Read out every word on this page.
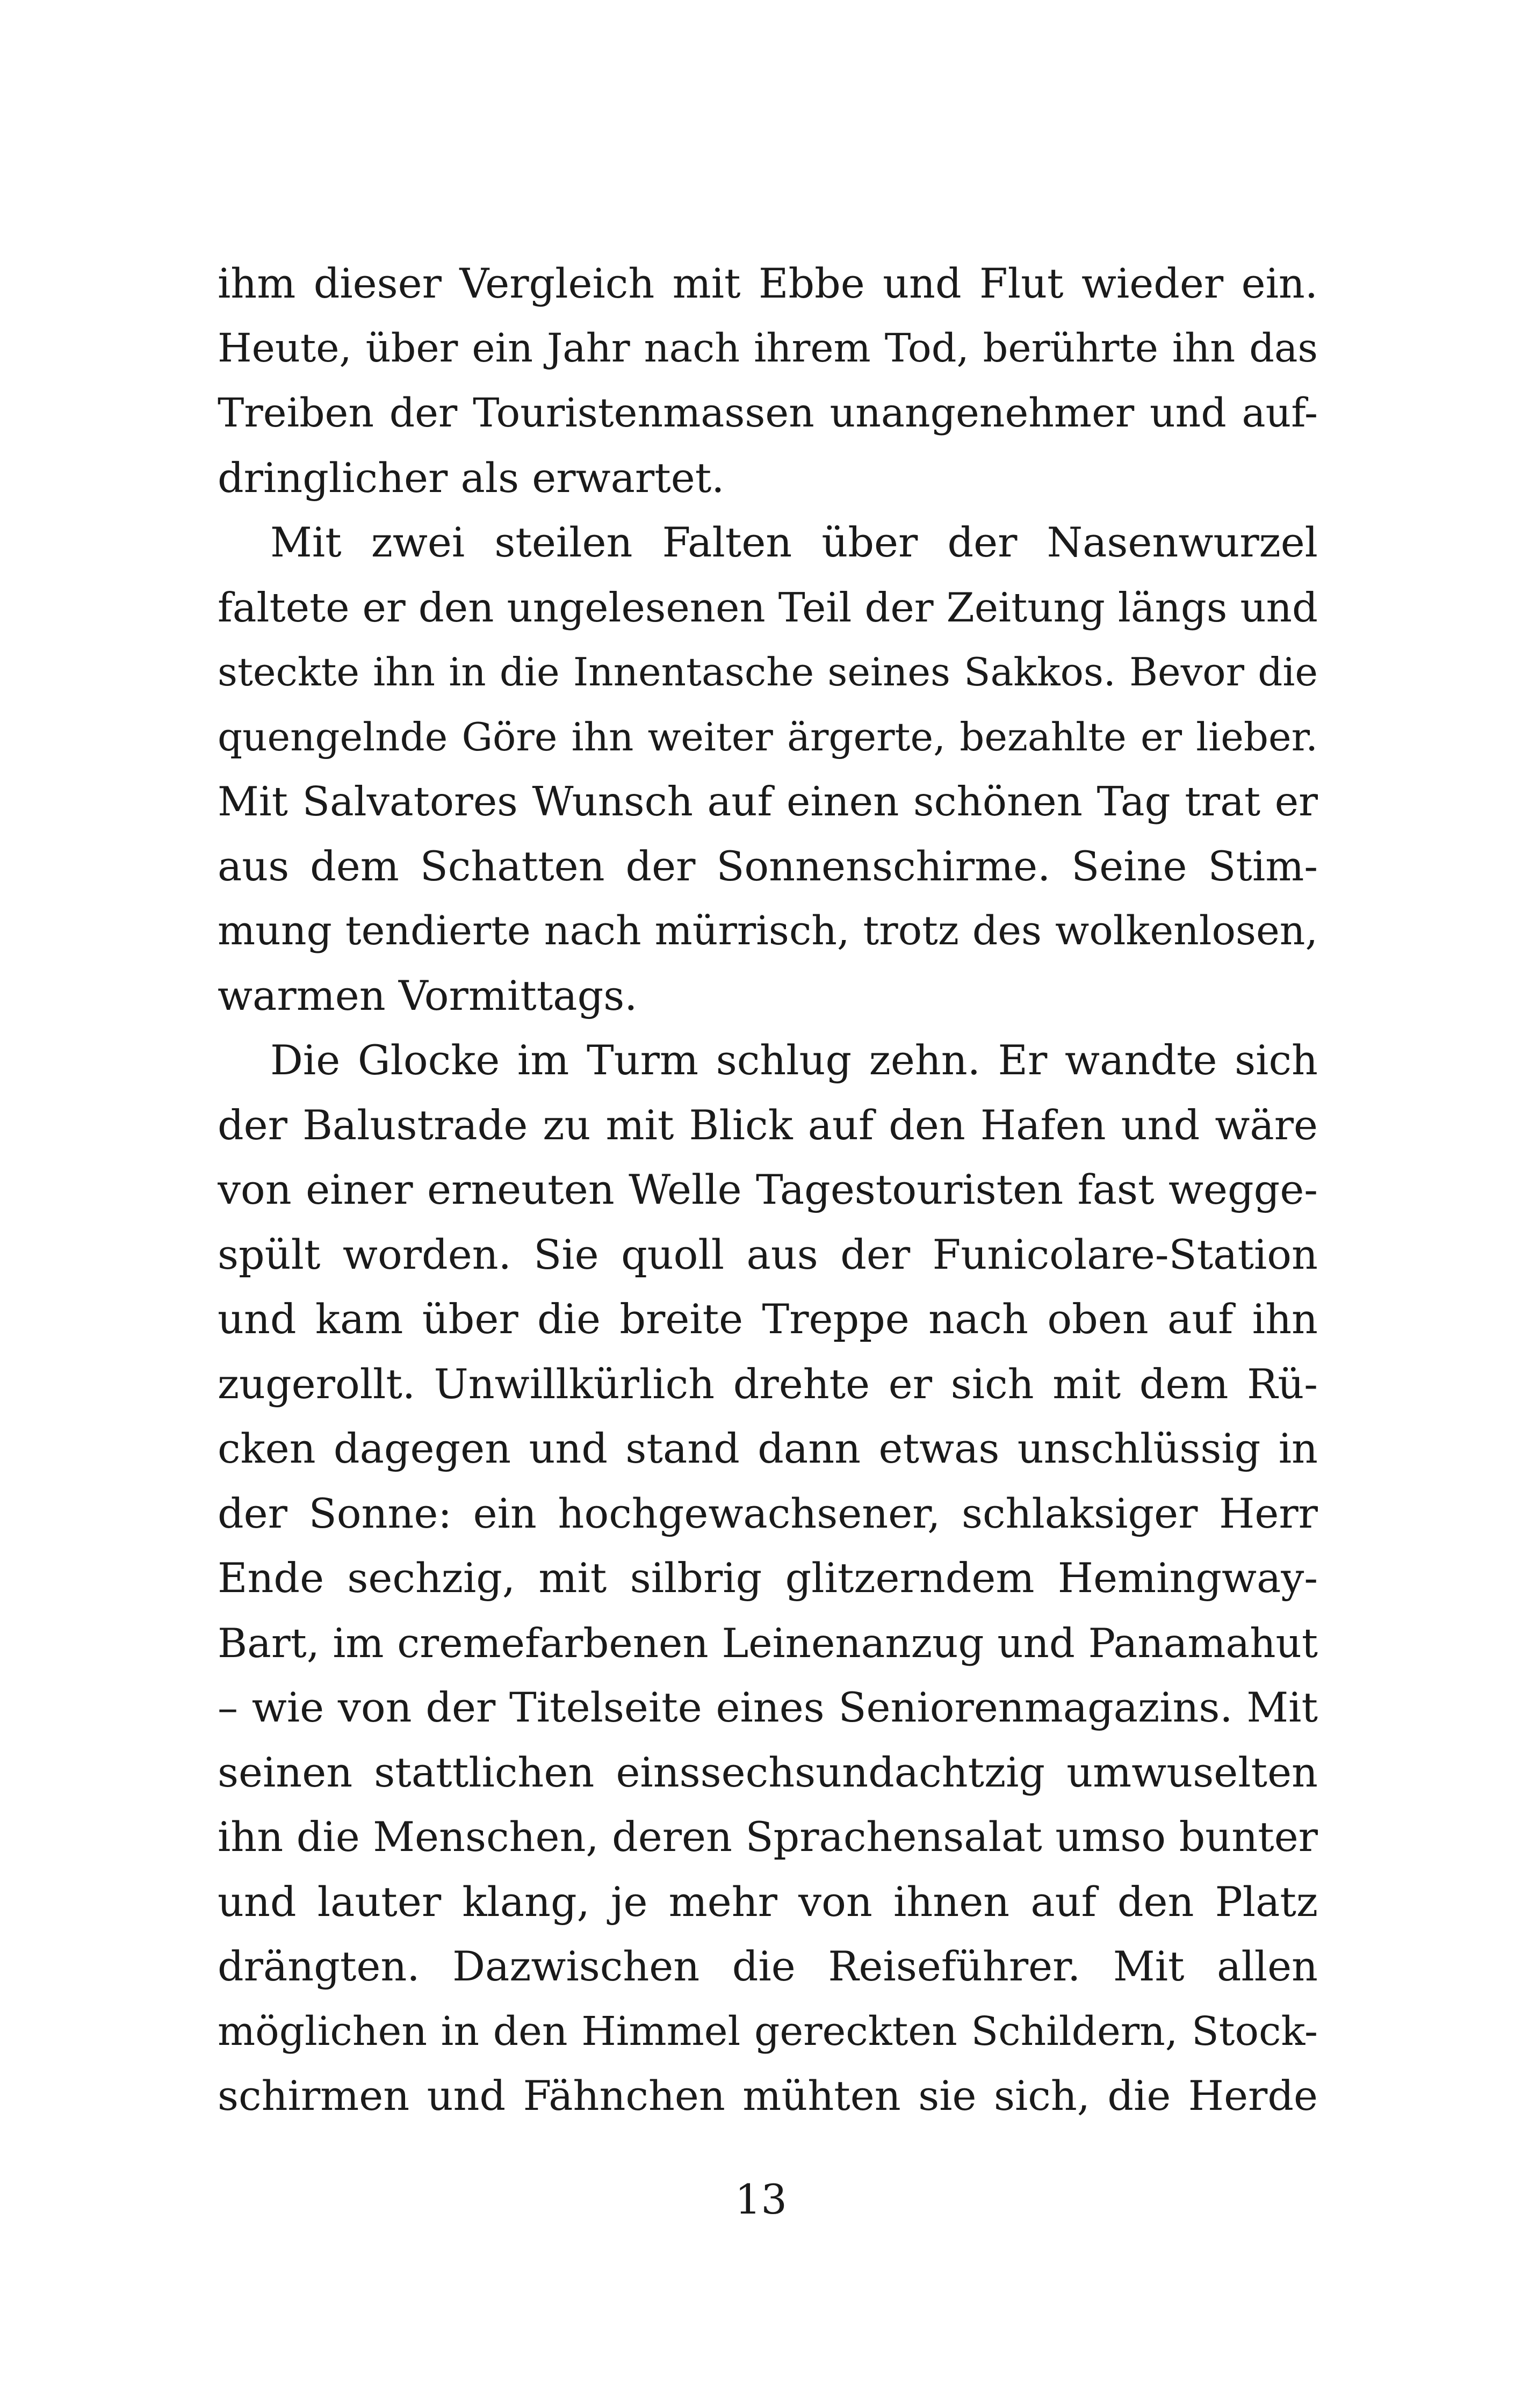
ihm dieser Vergleich mit Ebbe und Flut wieder ein.
Heute, über ein Jahr nach ihrem Tod, berührte ihn das
Treiben der Touristenmassen unangenehmer und auf-
dringlicher als erwartet.
Mit zwei steilen Falten über der Nasenwurzel
faltete er den ungelesenen Teil der Zeitung längs und
steckte ihn in die Innentasche seines Sakkos. Bevor die
quengelnde Göre ihn weiter ärgerte, bezahlte er lieber.
Mit Salvatores Wunsch auf einen schönen Tag trat er
aus dem Schatten der Sonnenschirme. Seine Stim-
mung tendierte nach mürrisch, trotz des wolkenlosen,
warmen Vormittags.
Die Glocke im Turm schlug zehn. Er wandte sich
der Balustrade zu mit Blick auf den Hafen und wäre
von einer erneuten Welle Tagestouristen fast wegge-
spült worden. Sie quoll aus der Funicolare-Station
und kam über die breite Treppe nach oben auf ihn
zugerollt. Unwillkürlich drehte er sich mit dem Rü-
cken dagegen und stand dann etwas unschlüssig in
der Sonne: ein hochgewachsener, schlaksiger Herr
Ende sechzig, mit silbrig glitzerndem Hemingway-
Bart, im cremefarbenen Leinenanzug und Panamahut
– wie von der Titelseite eines Seniorenmagazins. Mit
seinen stattlichen einssechsundachtzig umwuselten
ihn die Menschen, deren Sprachensalat umso bunter
und lauter klang, je mehr von ihnen auf den Platz
drängten. Dazwischen die Reiseführer. Mit allen
möglichen in den Himmel gereckten Schildern, Stock-
schirmen und Fähnchen mühten sie sich, die Herde
13
